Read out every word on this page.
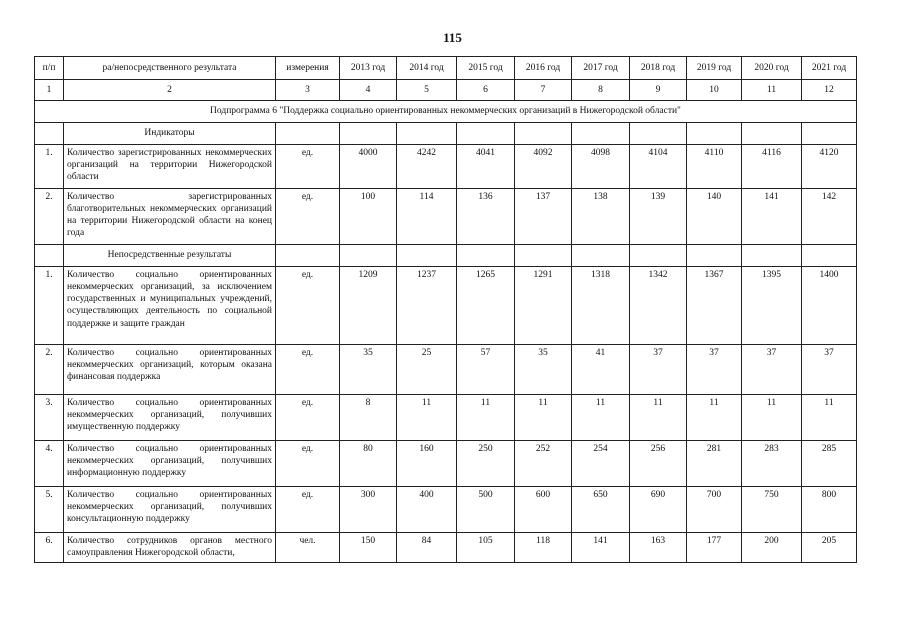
115
п/п	ра/непосредственного результата	измерения	2013 год	2014 год	2015 год	2016 год	2017 год	2018 год	2019 год	2020 год	2021 год
1	2	3	4	5	6	7	8	9	10	11	12
Подпрограмма 6 "Поддержка социально ориентированных некоммерческих организаций в Нижегородской области"											
	Индикаторы										
1.	Количество зарегистрированных некоммерческих организаций на территории Нижегородской области	ед.	4000	4242	4041	4092	4098	4104	4110	4116	4120
2.	Количество зарегистрированных благотворительных некоммерческих организаций на территории Нижегородской области на конец года	ед.	100	114	136	137	138	139	140	141	142
	Непосредственные результаты										
1.	Количество социально ориентированных некоммерческих организаций, за исключением государственных и муниципальных учреждений, осуществляющих деятельность по социальной поддержке и защите граждан	ед.	1209	1237	1265	1291	1318	1342	1367	1395	1400
2.	Количество социально ориентированных некоммерческих организаций, которым оказана финансовая поддержка	ед.	35	25	57	35	41	37	37	37	37
3.	Количество социально ориентированных некоммерческих организаций, получивших имущественную поддержку	ед.	8	11	11	11	11	11	11	11	11
4.	Количество социально ориентированных некоммерческих организаций, получивших информационную поддержку	ед.	80	160	250	252	254	256	281	283	285
5.	Количество социально ориентированных некоммерческих организаций, получивших консультационную поддержку	ед.	300	400	500	600	650	690	700	750	800
6.	Количество сотрудников органов местного самоуправления Нижегородской области,	чел.	150	84	105	118	141	163	177	200	205
